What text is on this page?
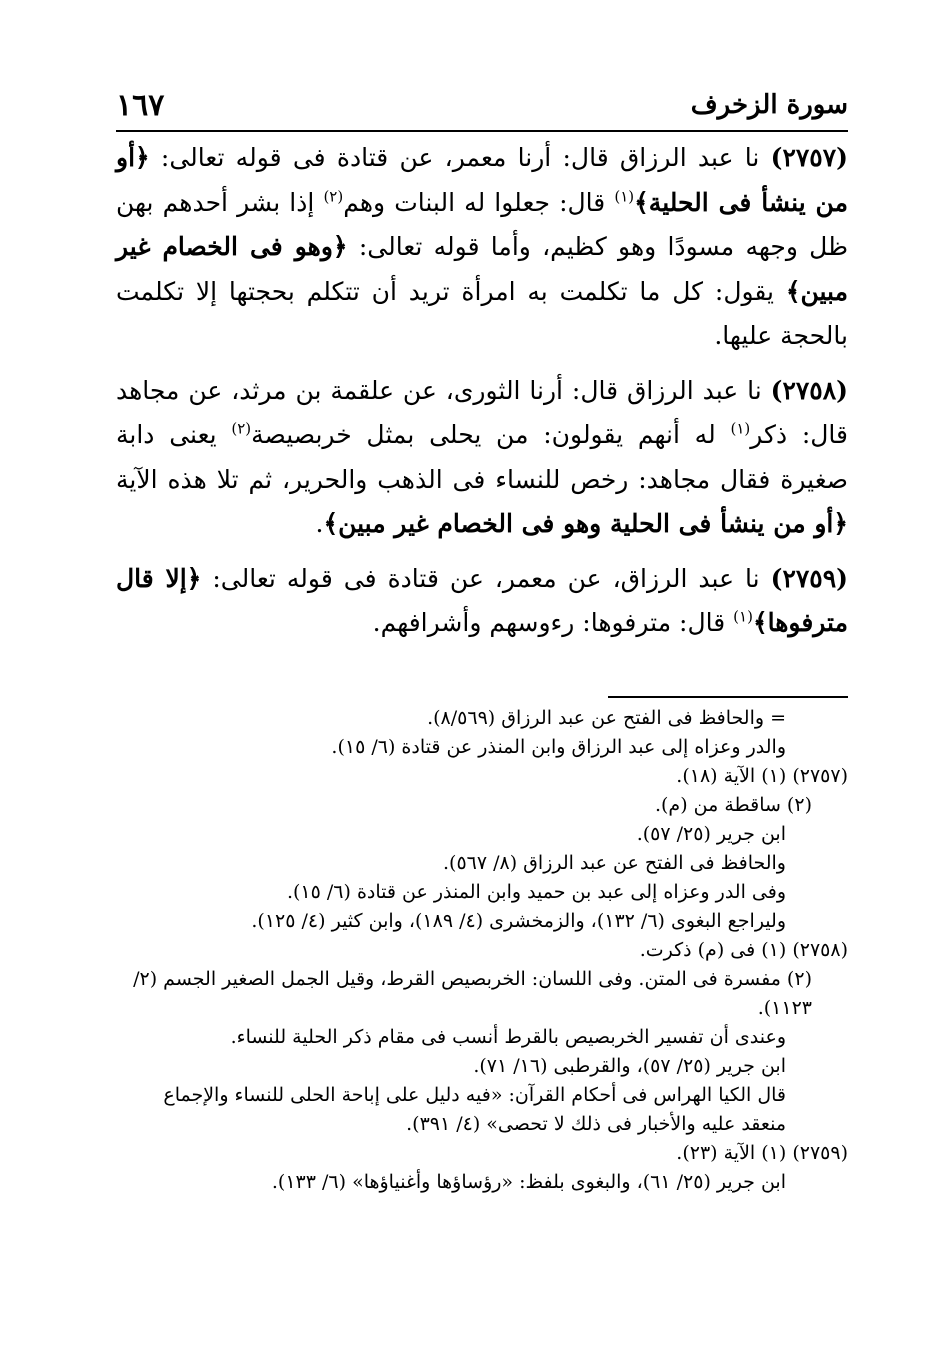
سورة الزخرف
١٦٧

(٢٧٥٧) نا عبد الرزاق قال: أرنا معمر، عن قتادة فى قوله تعالى: ﴿أو من ينشأ فى الحلية﴾$^{(١)}$ قال: جعلوا له البنات وهم$^{(٢)}$ إذا بشر أحدهم بهن ظل وجهه مسودًا وهو كظيم، وأما قوله تعالى: ﴿وهو فى الخصام غير مبين﴾ يقول: كل ما تكلمت به امرأة تريد أن تتكلم بحجتها إلا تكلمت بالحجة عليها.

(٢٧٥٨) نا عبد الرزاق قال: أرنا الثورى، عن علقمة بن مرثد، عن مجاهد قال: ذكر$^{(١)}$ له أنهم يقولون: من يحلى بمثل خربصيصة$^{(٢)}$ يعنى دابة صغيرة فقال مجاهد: رخص للنساء فى الذهب والحرير، ثم تلا هذه الآية ﴿أو من ينشأ فى الحلية وهو فى الخصام غير مبين﴾.

(٢٧٥٩) نا عبد الرزاق، عن معمر، عن قتادة فى قوله تعالى: ﴿إلا قال مترفوها﴾$^{(١)}$ قال: مترفوها: رءوسهم وأشرافهم.

= والحافظ فى الفتح عن عبد الرزاق (٨/٥٦٩).

والدر وعزاه إلى عبد الرزاق وابن المنذر عن قتادة (٦/ ١٥).

(٢٧٥٧) (١) الآية (١٨).

(٢) ساقطة من (م).

ابن جرير (٢٥/ ٥٧).

والحافظ فى الفتح عن عبد الرزاق (٨/ ٥٦٧).

وفى الدر وعزاه إلى عبد بن حميد وابن المنذر عن قتادة (٦/ ١٥).

وليراجع البغوى (٦/ ١٣٢)، والزمخشرى (٤/ ١٨٩)، وابن كثير (٤/ ١٢٥).

(٢٧٥٨) (١) فى (م) ذكرت.

(٢) مفسرة فى المتن. وفى اللسان: الخربصيص القرط، وقيل الجمل الصغير الجسم (٢/ ١١٢٣).

وعندى أن تفسير الخربصيص بالقرط أنسب فى مقام ذكر الحلية للنساء.

ابن جرير (٢٥/ ٥٧)، والقرطبى (١٦/ ٧١).

قال الكيا الهراس فى أحكام القرآن: «فيه دليل على إباحة الحلى للنساء والإجماع منعقد عليه والأخبار فى ذلك لا تحصى» (٤/ ٣٩١).

(٢٧٥٩) (١) الآية (٢٣).

ابن جرير (٢٥/ ٦١)، والبغوى بلفظ: «رؤساؤها وأغنياؤها» (٦/ ١٣٣).
